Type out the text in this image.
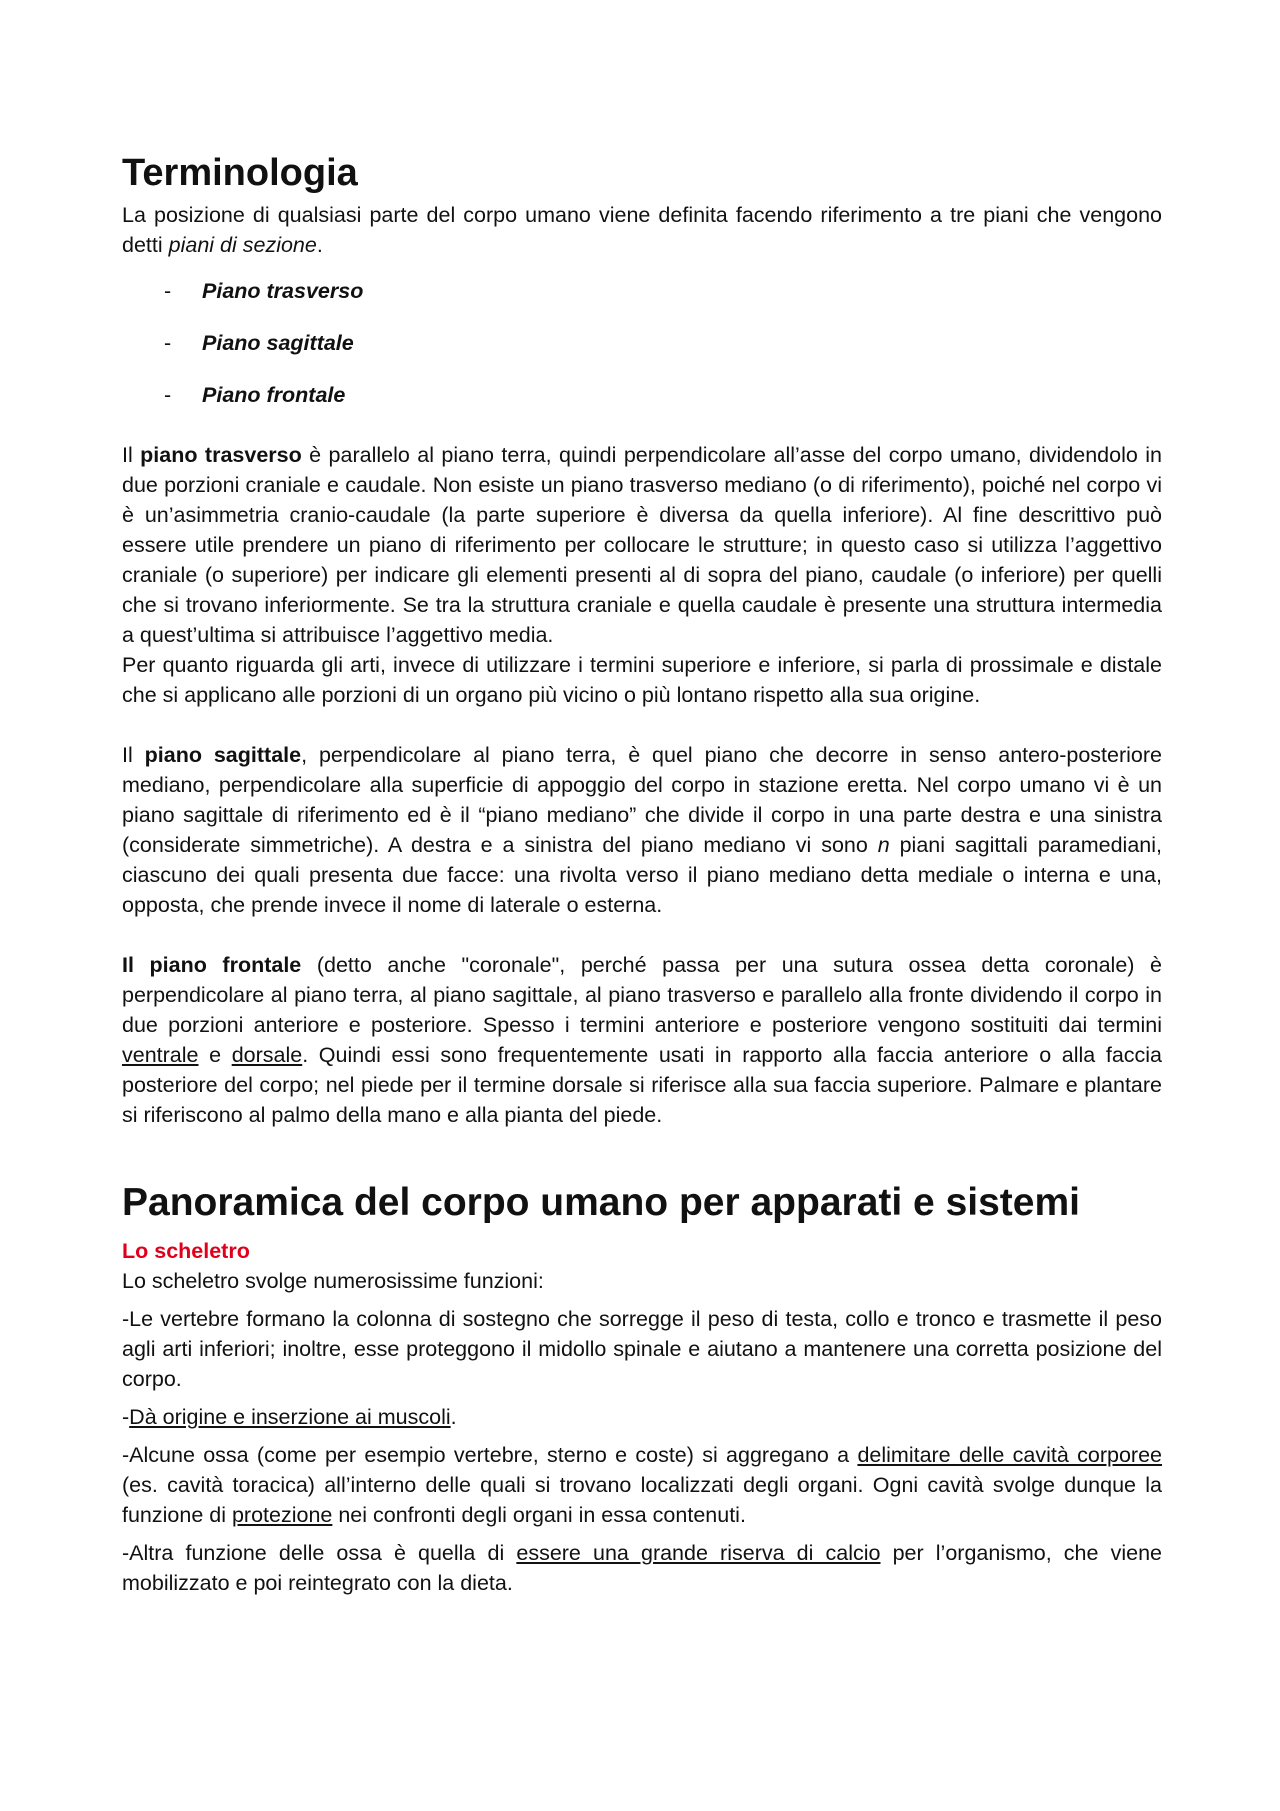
Terminologia

La posizione di qualsiasi parte del corpo umano viene definita facendo riferimento a tre piani che vengono detti piani di sezione.

- Piano trasverso
- Piano sagittale
- Piano frontale

Il piano trasverso è parallelo al piano terra, quindi perpendicolare all’asse del corpo umano, dividendolo in due porzioni craniale e caudale. Non esiste un piano trasverso mediano (o di riferimento), poiché nel corpo vi è un’asimmetria cranio-caudale (la parte superiore è diversa da quella inferiore). Al fine descrittivo può essere utile prendere un piano di riferimento per collocare le strutture; in questo caso si utilizza l’aggettivo craniale (o superiore) per indicare gli elementi presenti al di sopra del piano, caudale (o inferiore) per quelli che si trovano inferiormente. Se tra la struttura craniale e quella caudale è presente una struttura intermedia a quest’ultima si attribuisce l’aggettivo media.

Per quanto riguarda gli arti, invece di utilizzare i termini superiore e inferiore, si parla di prossimale e distale che si applicano alle porzioni di un organo più vicino o più lontano rispetto alla sua origine.

Il piano sagittale, perpendicolare al piano terra, è quel piano che decorre in senso antero-posteriore mediano, perpendicolare alla superficie di appoggio del corpo in stazione eretta. Nel corpo umano vi è un piano sagittale di riferimento ed è il “piano mediano” che divide il corpo in una parte destra e una sinistra (considerate simmetriche). A destra e a sinistra del piano mediano vi sono n piani sagittali paramediani, ciascuno dei quali presenta due facce: una rivolta verso il piano mediano detta mediale o interna e una, opposta, che prende invece il nome di laterale o esterna.

Il piano frontale (detto anche "coronale", perché passa per una sutura ossea detta coronale) è perpendicolare al piano terra, al piano sagittale, al piano trasverso e parallelo alla fronte dividendo il corpo in due porzioni anteriore e posteriore. Spesso i termini anteriore e posteriore vengono sostituiti dai termini ventrale e dorsale. Quindi essi sono frequentemente usati in rapporto alla faccia anteriore o alla faccia posteriore del corpo; nel piede per il termine dorsale si riferisce alla sua faccia superiore. Palmare e plantare si riferiscono al palmo della mano e alla pianta del piede.

Panoramica del corpo umano per apparati e sistemi
Lo scheletro

Lo scheletro svolge numerosissime funzioni:

-Le vertebre formano la colonna di sostegno che sorregge il peso di testa, collo e tronco e trasmette il peso agli arti inferiori; inoltre, esse proteggono il midollo spinale e aiutano a mantenere una corretta posizione del corpo.

-Dà origine e inserzione ai muscoli.

-Alcune ossa (come per esempio vertebre, sterno e coste) si aggregano a delimitare delle cavità corporee (es. cavità toracica) all’interno delle quali si trovano localizzati degli organi. Ogni cavità svolge dunque la funzione di protezione nei confronti degli organi in essa contenuti.

-Altra funzione delle ossa è quella di essere una grande riserva di calcio per l’organismo, che viene mobilizzato e poi reintegrato con la dieta.
